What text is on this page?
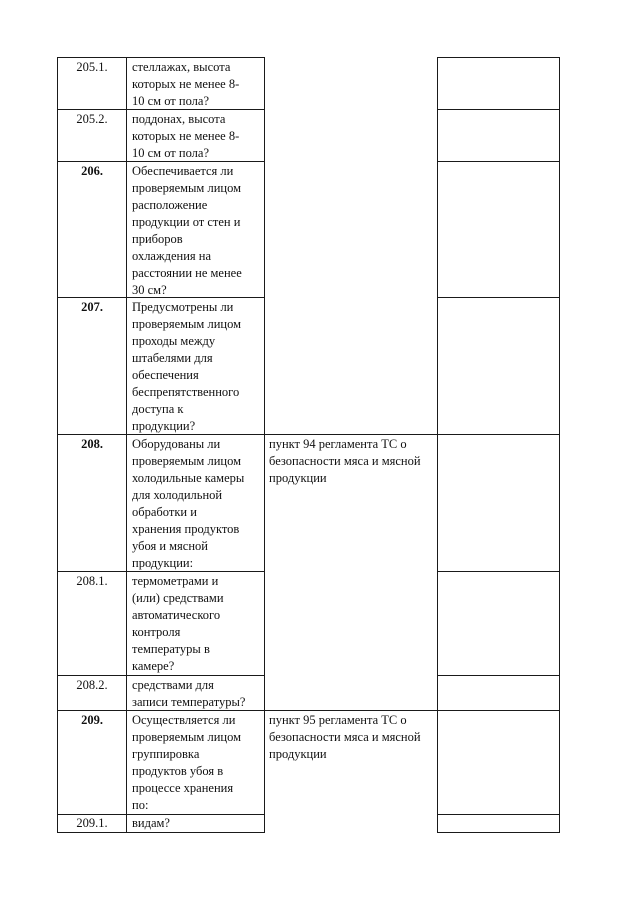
205.1.	стеллажах, высота
которых не менее 8-
10 см от пола?
205.2.	поддонах, высота
которых не менее 8-
10 см от пола?
206.	Обеспечивается ли
проверяемым лицом
расположение
продукции от стен и
приборов
охлаждения на
расстоянии не менее
30 см?
207.	Предусмотрены ли
проверяемым лицом
проходы между
штабелями для
обеспечения
беспрепятственного
доступа к
продукции?
208.	Оборудованы ли
проверяемым лицом
холодильные камеры
для холодильной
обработки и
хранения продуктов
убоя и мясной
продукции:
пункт 94 регламента ТС о
безопасности мяса и мясной
продукции
208.1.	термометрами и
(или) средствами
автоматического
контроля
температуры в
камере?
208.2.	средствами для
записи температуры?
209.	Осуществляется ли
проверяемым лицом
группировка
продуктов убоя в
процессе хранения
по:
пункт 95 регламента ТС о
безопасности мяса и мясной
продукции
209.1.	видам?
